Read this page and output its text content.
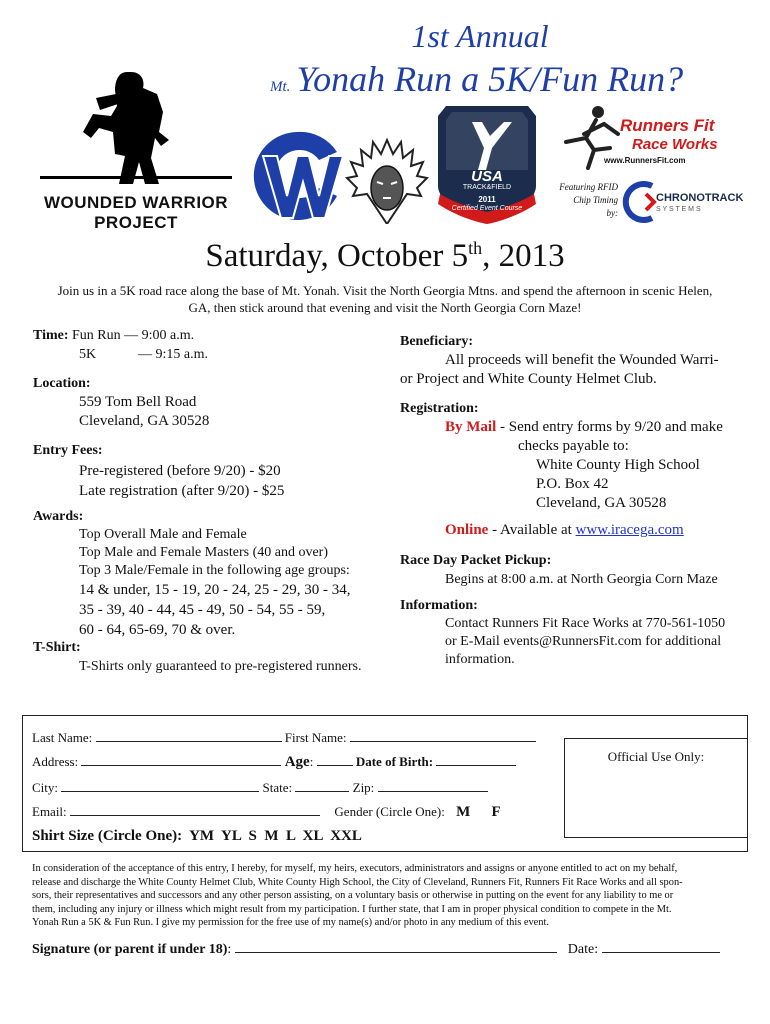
1st Annual
Mt. Yonah Run a 5K/Fun Run?
WOUNDED WARRIOR
PROJECT
USA
TRACK&FIELD
2011
Certified Event Course
Runners Fit
Race Works
www.RunnersFit.com
Featuring RFID
Chip Timing
by:
CHRONOTRACK
S Y S T E M S
Saturday, October 5th, 2013
Join us in a 5K road race along the base of Mt. Yonah. Visit the North Georgia Mtns. and spend the afternoon in scenic Helen,
GA, then stick around that evening and visit the North Georgia Corn Maze!
Time: Fun Run — 9:00 a.m.
5K	— 9:15 a.m.
Location:
559 Tom Bell Road
Cleveland, GA 30528
Entry Fees:
Pre-registered (before 9/20) - $20
Late registration (after 9/20) - $25
Awards:
Top Overall Male and Female
Top Male and Female Masters (40 and over)
Top 3 Male/Female in the following age groups:
14 & under, 15 - 19, 20 - 24, 25 - 29, 30 - 34,
35 - 39, 40 - 44, 45 - 49, 50 - 54, 55 - 59,
60 - 64, 65-69, 70 & over.
T-Shirt:
T-Shirts only guaranteed to pre-registered runners.
Beneficiary:
All proceeds will benefit the Wounded Warri-
or Project and White County Helmet Club.
Registration:
By Mail - Send entry forms by 9/20 and make
checks payable to:
White County High School
P.O. Box 42
Cleveland, GA 30528
Online - Available at www.iracega.com
Race Day Packet Pickup:
Begins at 8:00 a.m. at North Georgia Corn Maze
Information:
Contact Runners Fit Race Works at 770-561-1050
or E-Mail events@RunnersFit.com for additional
information.
Official Use Only:
Last Name:	First Name:
Address:	Age:	Date of Birth:
City:	State:	Zip:
Email:	Gender (Circle One): M F
Shirt Size (Circle One): YM  YL  S  M  L  XL  XXL
In consideration of the acceptance of this entry, I hereby, for myself, my heirs, executors, administrators and assigns or anyone entitled to act on my behalf,
release and discharge the White County Helmet Club, White County High School, the City of Cleveland, Runners Fit, Runners Fit Race Works and all spon-
sors, their representatives and successors and any other person assisting, on a voluntary basis or otherwise in putting on the event for any liability to me or
them, including any injury or illness which might result from my participation. I further state, that I am in proper physical condition to compete in the Mt.
Yonah Run a 5K & Fun Run. I give my permission for the free use of my name(s) and/or photo in any medium of this event.
Signature (or parent if under 18):	Date:
